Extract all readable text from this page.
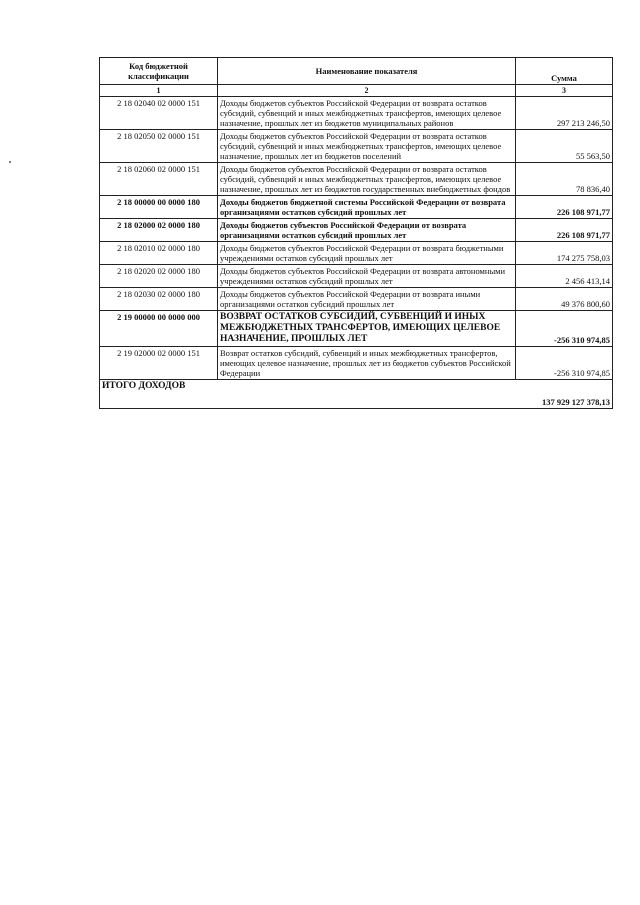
Код бюджетной классификации	Наименование показателя	Сумма
1	2	3
2 18 02040 02 0000 151	Доходы бюджетов субъектов Российской Федерации от возврата остатков субсидий, субвенций и иных межбюджетных трансфертов, имеющих целевое назначение, прошлых лет из бюджетов муниципальных районов	297 213 246,50
2 18 02050 02 0000 151	Доходы бюджетов субъектов Российской Федерации от возврата остатков субсидий, субвенций и иных межбюджетных трансфертов, имеющих целевое назначение, прошлых лет из бюджетов поселений	55 563,50
2 18 02060 02 0000 151	Доходы бюджетов субъектов Российской Федерации от возврата остатков субсидий, субвенций и иных межбюджетных трансфертов, имеющих целевое назначение, прошлых лет из бюджетов государственных внебюджетных фондов	78 836,40
2 18 00000 00 0000 180	Доходы бюджетов бюджетной системы Российской Федерации от возврата организациями остатков субсидий прошлых лет	226 108 971,77
2 18 02000 02 0000 180	Доходы бюджетов субъектов Российской Федерации от возврата организациями остатков субсидий прошлых лет	226 108 971,77
2 18 02010 02 0000 180	Доходы бюджетов субъектов Российской Федерации от возврата бюджетными учреждениями остатков субсидий прошлых лет	174 275 758,03
2 18 02020 02 0000 180	Доходы бюджетов субъектов Российской Федерации от возврата автономными учреждениями остатков субсидий прошлых лет	2 456 413,14
2 18 02030 02 0000 180	Доходы бюджетов субъектов Российской Федерации от возврата иными организациями остатков субсидий прошлых лет	49 376 800,60
2 19 00000 00 0000 000	ВОЗВРАТ ОСТАТКОВ СУБСИДИЙ, СУБВЕНЦИЙ И ИНЫХ МЕЖБЮДЖЕТНЫХ ТРАНСФЕРТОВ, ИМЕЮЩИХ ЦЕЛЕВОЕ НАЗНАЧЕНИЕ, ПРОШЛЫХ ЛЕТ	-256 310 974,85
2 19 02000 02 0000 151	Возврат остатков субсидий, субвенций и иных межбюджетных трансфертов, имеющих целевое назначение, прошлых лет из бюджетов субъектов Российской Федерации	-256 310 974,85
ИТОГО ДОХОДОВ		137 929 127 378,13
